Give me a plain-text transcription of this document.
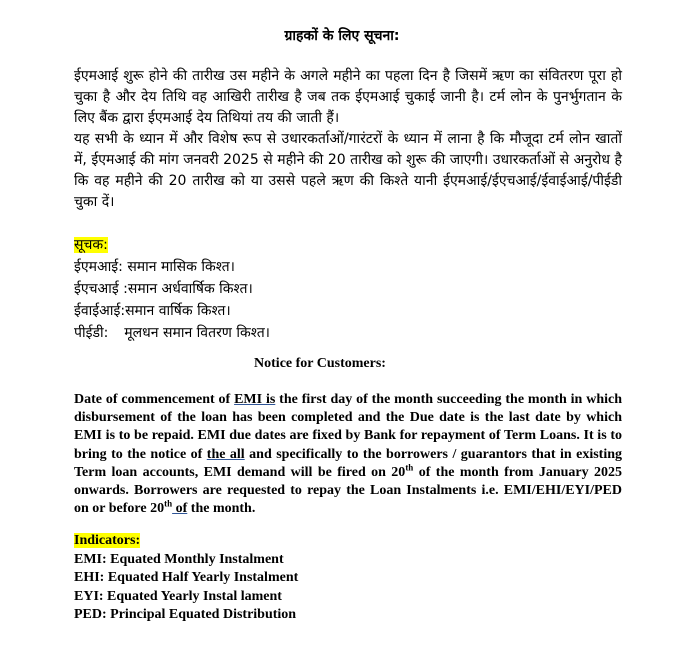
ग्राहकों के लिए सूचना:

ईएमआई शुरू होने की तारीख उस महीने के अगले महीने का पहला दिन है जिसमें ऋण का संवितरण पूरा हो चुका है और देय तिथि वह आखिरी तारीख है जब तक ईएमआई चुकाई जानी है। टर्म लोन के पुनर्भुगतान के लिए बैंक द्वारा ईएमआई देय तिथियां तय की जाती हैं।

यह सभी के ध्यान में और विशेष रूप से उधारकर्ताओं/गारंटरों के ध्यान में लाना है कि मौजूदा टर्म लोन खातों में, ईएमआई की मांग जनवरी 2025 से महीने की 20 तारीख को शुरू की जाएगी। उधारकर्ताओं से अनुरोध है कि वह महीने की 20 तारीख को या उससे पहले ऋण की किश्ते यानी ईएमआई/ईएचआई/ईवाईआई/पीईडी चुका दें।

सूचक:
ईएमआई: समान मासिक किश्त।
ईएचआई :समान अर्धवार्षिक किश्त।
ईवाईआई:समान वार्षिक किश्त।
पीईडी: मूलधन समान वितरण किश्त।
Notice for Customers:
Date of commencement of EMI is the first day of the month succeeding the month in which disbursement of the loan has been completed and the Due date is the last date by which EMI is to be repaid. EMI due dates are fixed by Bank for repayment of Term Loans. It is to bring to the notice of the all and specifically to the borrowers / guarantors that in existing Term loan accounts, EMI demand will be fired on 20th of the month from January 2025 onwards. Borrowers are requested to repay the Loan Instalments i.e. EMI/EHI/EYI/PED on or before 20th of the month.
Indicators:
EMI: Equated Monthly Instalment
EHI: Equated Half Yearly Instalment
EYI: Equated Yearly Instal lament
PED: Principal Equated Distribution
